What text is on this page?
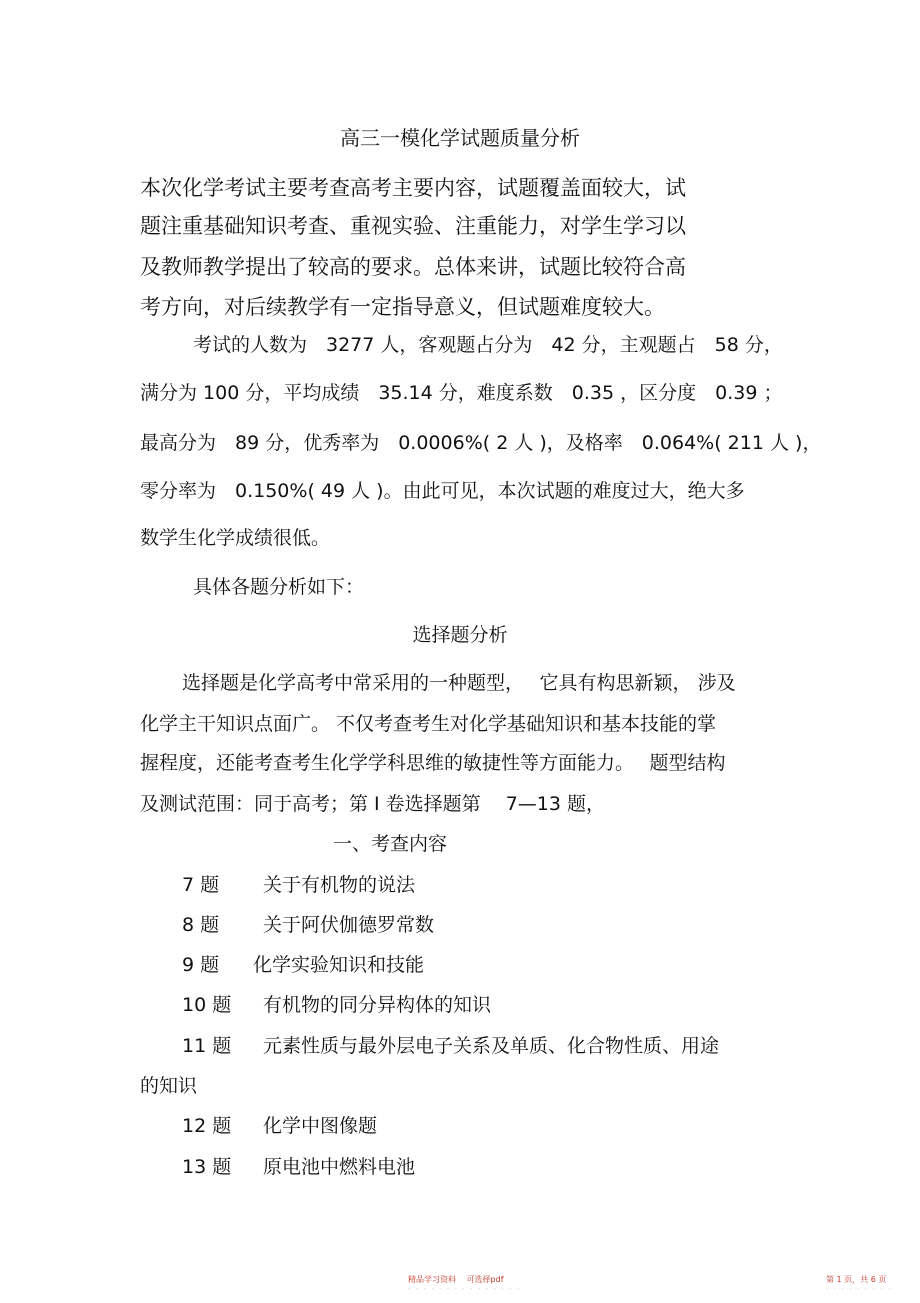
高三一模化学试题质量分析
本次化学考试主要考查高考主要内容，试题覆盖面较大，试
题注重基础知识考查、重视实验、注重能力，对学生学习以
及教师教学提出了较高的要求。总体来讲，试题比较符合高
考方向，对后续教学有一定指导意义，但试题难度较大。
考试的人数为　3277 人，客观题占分为　42 分，主观题占　58 分，
满分为 100 分，平均成绩　35.14 分，难度系数　0.35 ，区分度　0.39 ；
最高分为　89 分，优秀率为　0.0006%( 2 人 )，及格率　0.064%( 211 人 )，
零分率为　0.150%( 49 人 )。由此可见，本次试题的难度过大，绝大多
数学生化学成绩很低。
具体各题分析如下：
选择题分析
选择题是化学高考中常采用的一种题型，　 它具有构思新颖， 涉及
化学主干知识点面广。 不仅考查考生对化学基础知识和基本技能的掌
握程度，还能考查考生化学学科思维的敏捷性等方面能力。　 题型结构
及测试范围：同于高考；第 Ⅰ 卷选择题第　 7—13 题，
一、考查内容
7 题 关于有机物的说法
8 题 关于阿伏伽德罗常数
9 题 化学实验知识和技能
10 题 有机物的同分异构体的知识
11 题 元素性质与最外层电子关系及单质、化合物性质、用途
的知识
12 题 化学中图像题
13 题 原电池中燃料电池
精品学习资料　 可选择pdf
· · · · · · · · · · · · · · ·
第 1 页，共 6 页
· · · · · · · · ·
